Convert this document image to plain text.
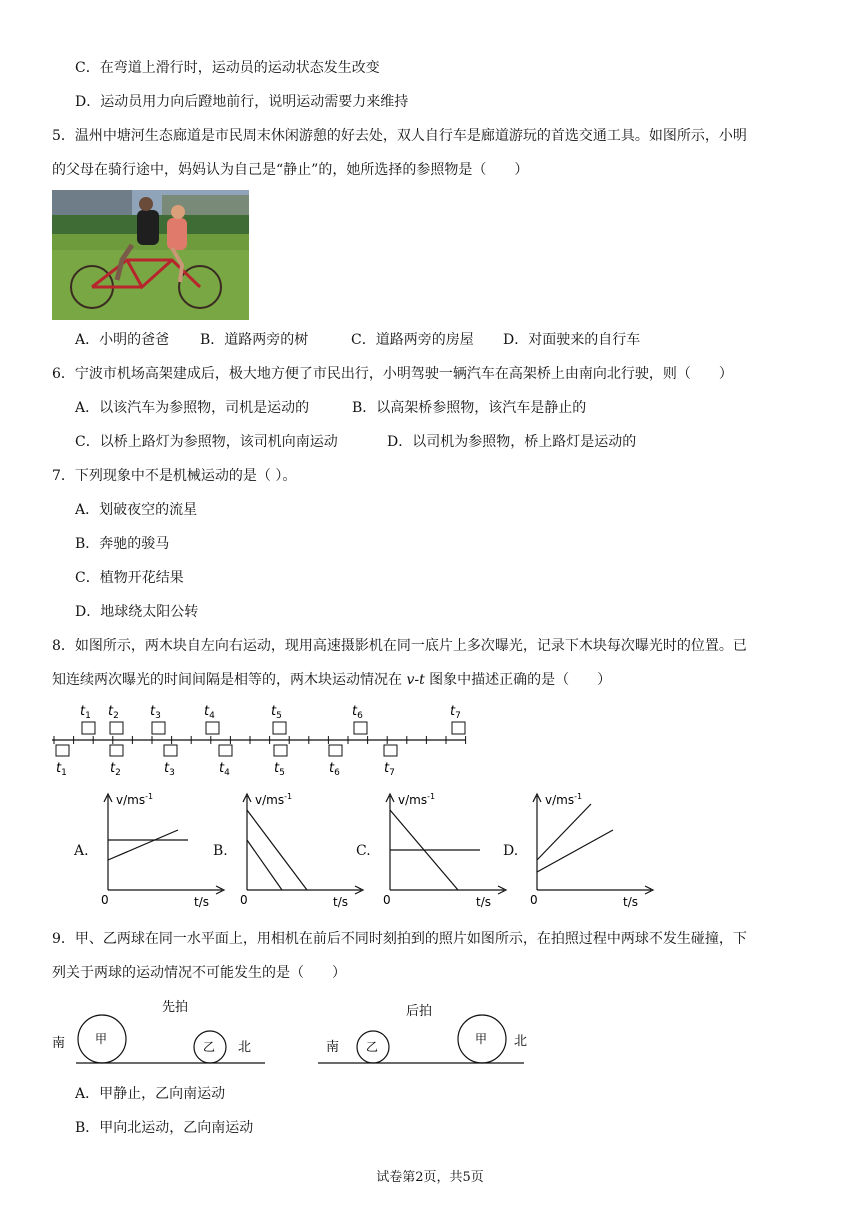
C．在弯道上滑行时，运动员的运动状态发生改变
D．运动员用力向后蹬地前行，说明运动需要力来维持
5．温州中塘河生态廊道是市民周末休闲游憩的好去处，双人自行车是廊道游玩的首选交通工具。如图所示，小明
的父母在骑行途中，妈妈认为自己是“静止”的，她所选择的参照物是（　　）
A．小明的爸爸 B．道路两旁的树	C．道路两旁的房屋 D．对面驶来的自行车
6．宁波市机场高架建成后，极大地方便了市民出行，小明驾驶一辆汽车在高架桥上由南向北行驶，则（　　）
A．以该汽车为参照物，司机是运动的	B．以高架桥参照物，该汽车是静止的
C．以桥上路灯为参照物，该司机向南运动	D．以司机为参照物，桥上路灯是运动的
7．下列现象中不是机械运动的是（ ）。
A．划破夜空的流星
B．奔驰的骏马
C．植物开花结果
D．地球绕太阳公转
8．如图所示，两木块自左向右运动，现用高速摄影机在同一底片上多次曝光，记录下木块每次曝光时的位置。已
知连续两次曝光的时间间隔是相等的，两木块运动情况在 v-t 图象中描述正确的是（　　）
$t_1$ $t_2$ $t_3$	$t_4$	$t_5$	$t_6$	$t_7$
$t_1$	$t_2$	$t_3$	$t_4$	$t_5$	$t_6$	$t_7$
A.
$v/ms^{-1}$
t/s
0
B.
$v/ms^{-1}$
t/s
0
C.
$v/ms^{-1}$
t/s
0
D.
$v/ms^{-1}$
t/s
0
9．甲、乙两球在同一水平面上，用相机在前后不同时刻拍到的照片如图所示，在拍照过程中两球不发生碰撞，下
列关于两球的运动情况不可能发生的是（　　）
先拍
南 甲
乙 北
后拍
南 乙
甲 北
A．甲静止，乙向南运动
B．甲向北运动，乙向南运动
试卷第2页，共5页
